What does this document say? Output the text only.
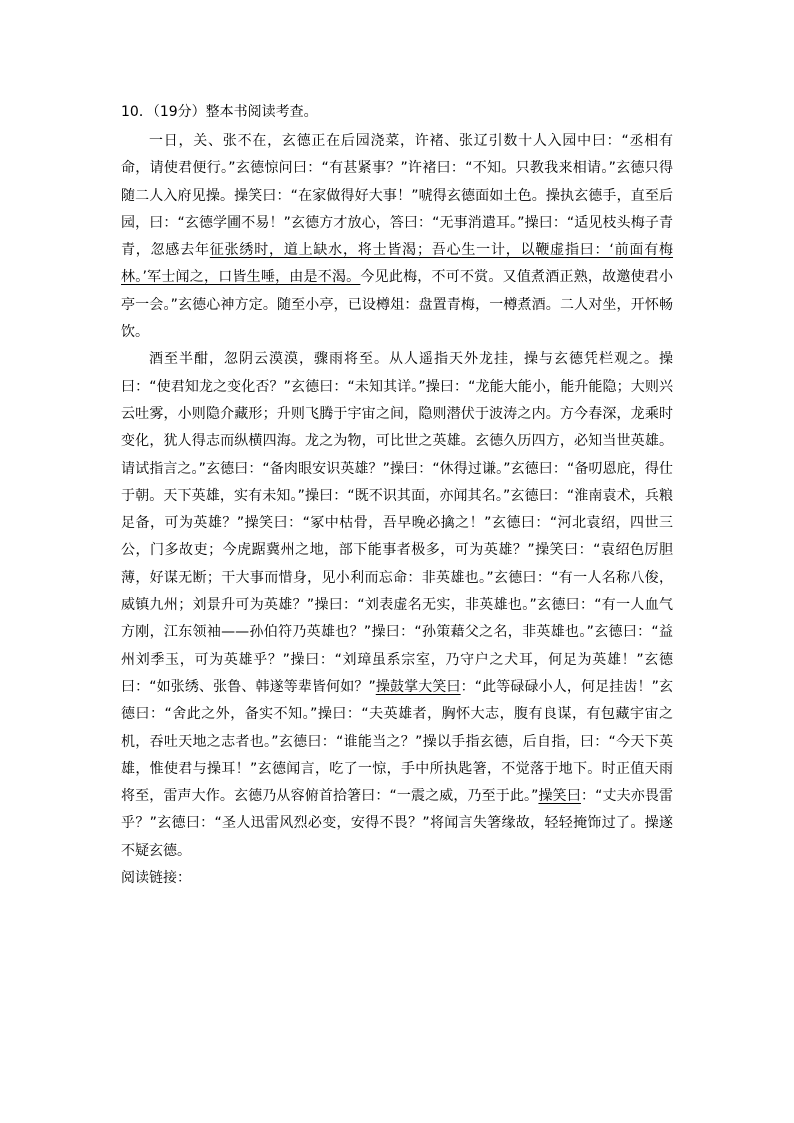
10．（19分）整本书阅读考查。

一日，关、张不在，玄德正在后园浇菜，许褚、张辽引数十人入园中曰：“丞相有命，请使君便行。”玄德惊问曰：“有甚紧事？”许褚曰：“不知。只教我来相请。”玄德只得随二人入府见操。操笑曰：“在家做得好大事！”唬得玄德面如土色。操执玄德手，直至后园，曰：“玄德学圃不易！”玄德方才放心，答曰：“无事消遣耳。”操曰：“适见枝头梅子青青，忽感去年征张绣时，道上缺水，将士皆渴；吾心生一计，以鞭虚指曰：‘前面有梅林。’军士闻之，口皆生唾，由是不渴。今见此梅，不可不赏。又值煮酒正熟，故邀使君小亭一会。”玄德心神方定。随至小亭，已设樽俎：盘置青梅，一樽煮酒。二人对坐，开怀畅饮。

酒至半酣，忽阴云漠漠，骤雨将至。从人遥指天外龙挂，操与玄德凭栏观之。操曰：“使君知龙之变化否？”玄德曰：“未知其详。”操曰：“龙能大能小，能升能隐；大则兴云吐雾，小则隐介藏形；升则飞腾于宇宙之间，隐则潜伏于波涛之内。方今春深，龙乘时变化，犹人得志而纵横四海。龙之为物，可比世之英雄。玄德久历四方，必知当世英雄。请试指言之。”玄德曰：“备肉眼安识英雄？”操曰：“休得过谦。”玄德曰：“备叨恩庇，得仕于朝。天下英雄，实有未知。”操曰：“既不识其面，亦闻其名。”玄德曰：“淮南袁术，兵粮足备，可为英雄？”操笑曰：“冢中枯骨，吾早晚必擒之！”玄德曰：“河北袁绍，四世三公，门多故吏；今虎踞冀州之地，部下能事者极多，可为英雄？”操笑曰：“袁绍色厉胆薄，好谋无断；干大事而惜身，见小利而忘命：非英雄也。”玄德曰：“有一人名称八俊，威镇九州；刘景升可为英雄？”操曰：“刘表虚名无实，非英雄也。”玄德曰：“有一人血气方刚，江东领袖——孙伯符乃英雄也？”操曰：“孙策藉父之名，非英雄也。”玄德曰：“益州刘季玉，可为英雄乎？”操曰：“刘璋虽系宗室，乃守户之犬耳，何足为英雄！”玄德曰：“如张绣、张鲁、韩遂等辈皆何如？”操鼓掌大笑曰：“此等碌碌小人，何足挂齿！”玄德曰：“舍此之外，备实不知。”操曰：“夫英雄者，胸怀大志，腹有良谋，有包藏宇宙之机，吞吐天地之志者也。”玄德曰：“谁能当之？”操以手指玄德，后自指，曰：“今天下英雄，惟使君与操耳！”玄德闻言，吃了一惊，手中所执匙箸，不觉落于地下。时正值天雨将至，雷声大作。玄德乃从容俯首拾箸曰：“一震之威，乃至于此。”操笑曰：“丈夫亦畏雷乎？”玄德曰：“圣人迅雷风烈必变，安得不畏？”将闻言失箸缘故，轻轻掩饰过了。操遂不疑玄德。

阅读链接：
